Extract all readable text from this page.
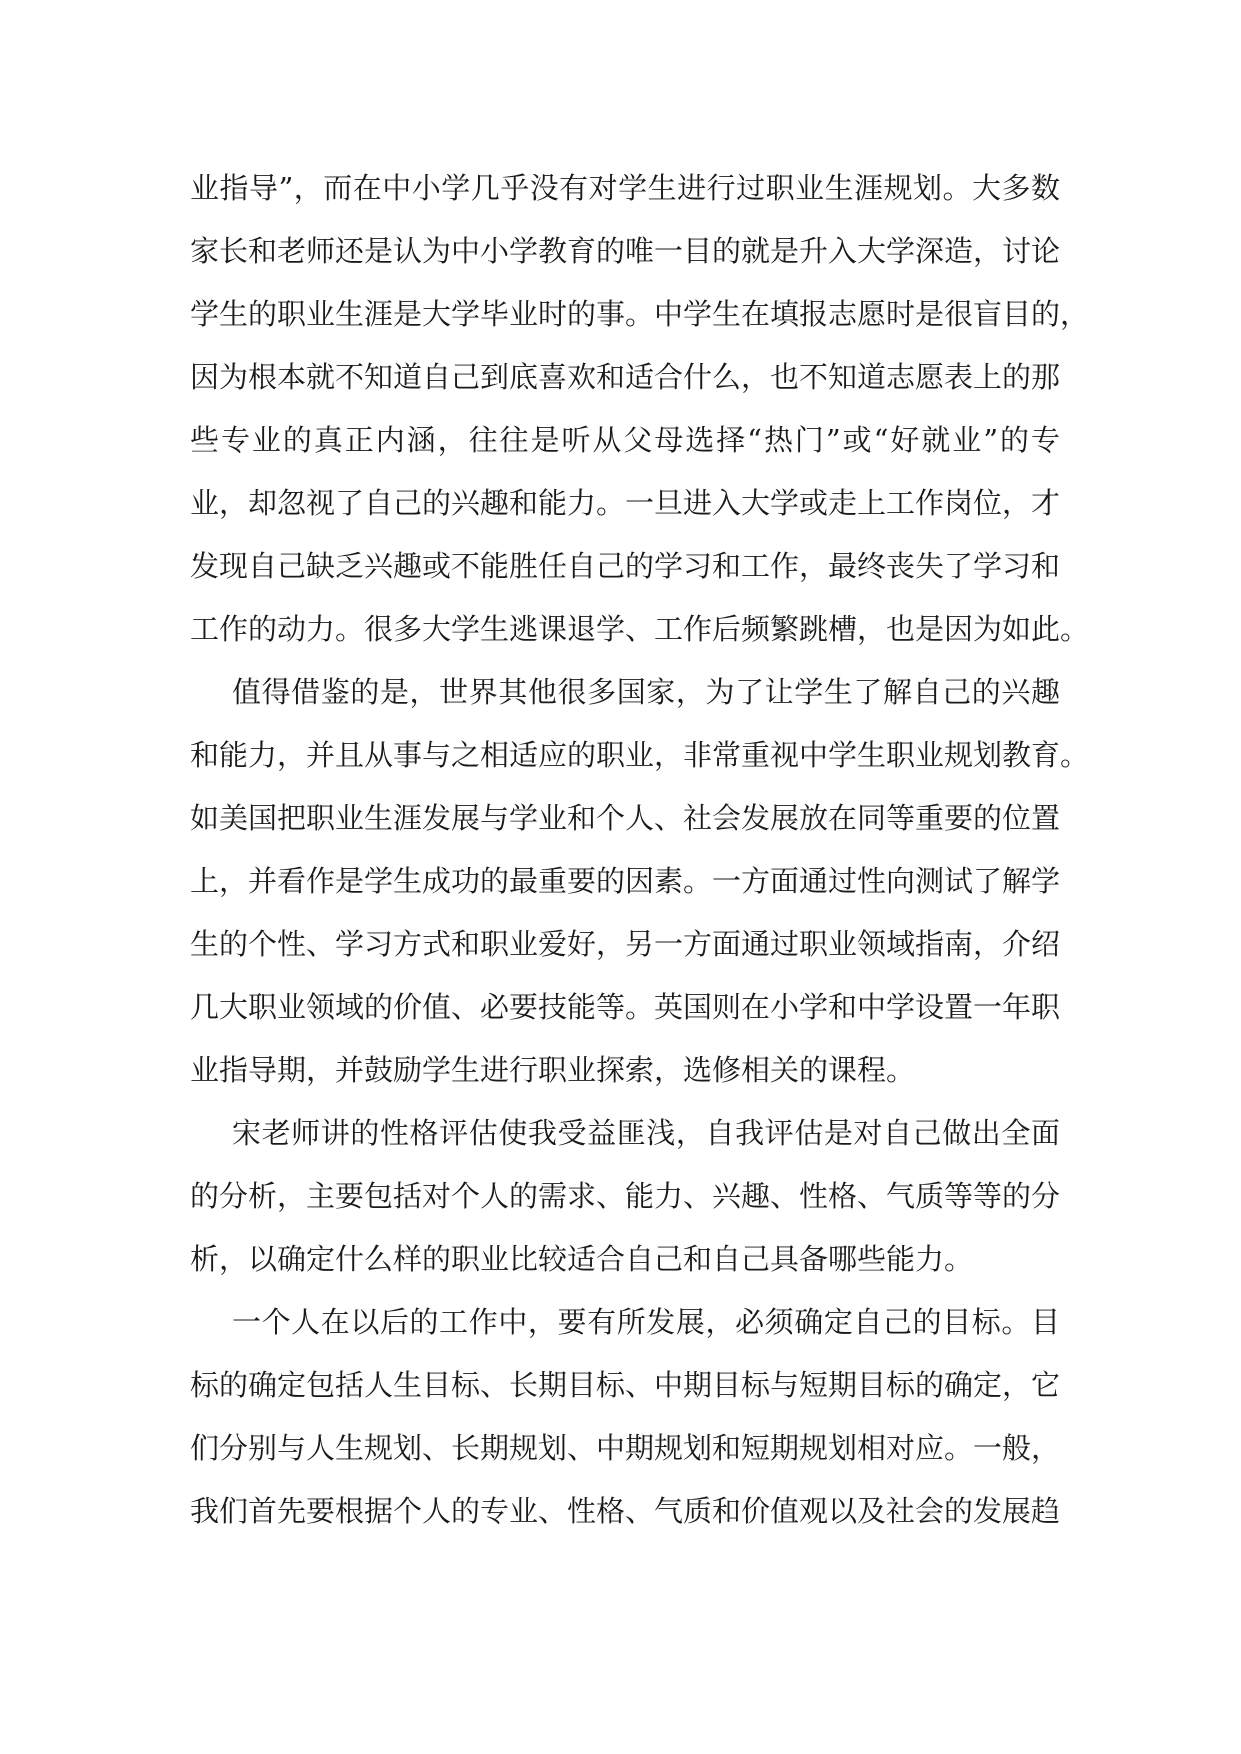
业指导”，而在中小学几乎没有对学生进行过职业生涯规划。大多数
家长和老师还是认为中小学教育的唯一目的就是升入大学深造，讨论
学生的职业生涯是大学毕业时的事。中学生在填报志愿时是很盲目的，
因为根本就不知道自己到底喜欢和适合什么，也不知道志愿表上的那
些专业的真正内涵，往往是听从父母选择“热门”或“好就业”的专
业，却忽视了自己的兴趣和能力。一旦进入大学或走上工作岗位，才
发现自己缺乏兴趣或不能胜任自己的学习和工作，最终丧失了学习和
工作的动力。很多大学生逃课退学、工作后频繁跳槽，也是因为如此。
值得借鉴的是，世界其他很多国家，为了让学生了解自己的兴趣
和能力，并且从事与之相适应的职业，非常重视中学生职业规划教育。
如美国把职业生涯发展与学业和个人、社会发展放在同等重要的位置
上，并看作是学生成功的最重要的因素。一方面通过性向测试了解学
生的个性、学习方式和职业爱好，另一方面通过职业领域指南，介绍
几大职业领域的价值、必要技能等。英国则在小学和中学设置一年职
业指导期，并鼓励学生进行职业探索，选修相关的课程。
宋老师讲的性格评估使我受益匪浅，自我评估是对自己做出全面
的分析，主要包括对个人的需求、能力、兴趣、性格、气质等等的分
析，以确定什么样的职业比较适合自己和自己具备哪些能力。
一个人在以后的工作中，要有所发展，必须确定自己的目标。目
标的确定包括人生目标、长期目标、中期目标与短期目标的确定，它
们分别与人生规划、长期规划、中期规划和短期规划相对应。一般，
我们首先要根据个人的专业、性格、气质和价值观以及社会的发展趋
